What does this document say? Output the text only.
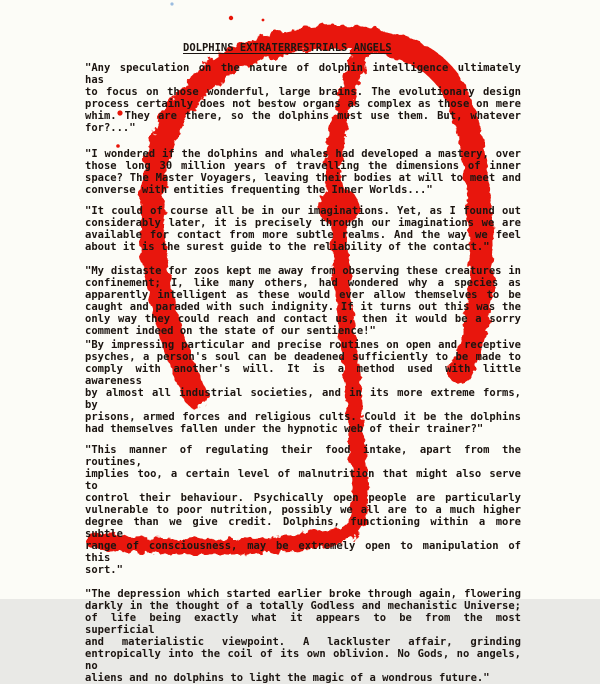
DOLPHINS EXTRATERRESTRIALS ANGELS
"Any speculation on the nature of dolphin intelligence ultimately has
to focus on those wonderful, large brains. The evolutionary design
process certainly does not bestow organs as complex as those on mere
whim. They are there, so the dolphins must use them. But, whatever
for?..."
"I wondered if the dolphins and whales had developed a mastery, over
those long 30 million years of travelling the dimensions of inner
space? The Master Voyagers, leaving their bodies at will to meet and
converse with entities frequenting the Inner Worlds..."
"It could of course all be in our imaginations. Yet, as I found out
considerably later, it is precisely through our imaginations we are
available for contact from more subtle realms. And the way we feel
about it is the surest guide to the reliability of the contact."
"My distaste for zoos kept me away from observing these creatures in
confinement; I, like many others, had wondered why a species as
apparently intelligent as these would ever allow themselves to be
caught and paraded with such indignity. If it turns out this was the
only way they could reach and contact us, then it would be a sorry
comment indeed on the state of our sentience!"
"By impressing particular and precise routines on open and receptive
psyches, a person's soul can be deadened sufficiently to be made to
comply with another's will. It is a method used with little awareness
by almost all industrial societies, and in its more extreme forms, by
prisons, armed forces and religious cults. Could it be the dolphins
had themselves fallen under the hypnotic web of their trainer?"
"This manner of regulating their food intake, apart from the routines,
implies too, a certain level of malnutrition that might also serve to
control their behaviour. Psychically open people are particularly
vulnerable to poor nutrition, possibly we all are to a much higher
degree than we give credit. Dolphins, functioning within a more subtle
range of consciousness, may be extremely open to manipulation of this
sort."
"The depression which started earlier broke through again, flowering
darkly in the thought of a totally Godless and mechanistic Universe;
of life being exactly what it appears to be from the most superficial
and materialistic viewpoint. A lackluster affair, grinding
entropically into the coil of its own oblivion. No Gods, no angels, no
aliens and no dolphins to light the magic of a wondrous future."
